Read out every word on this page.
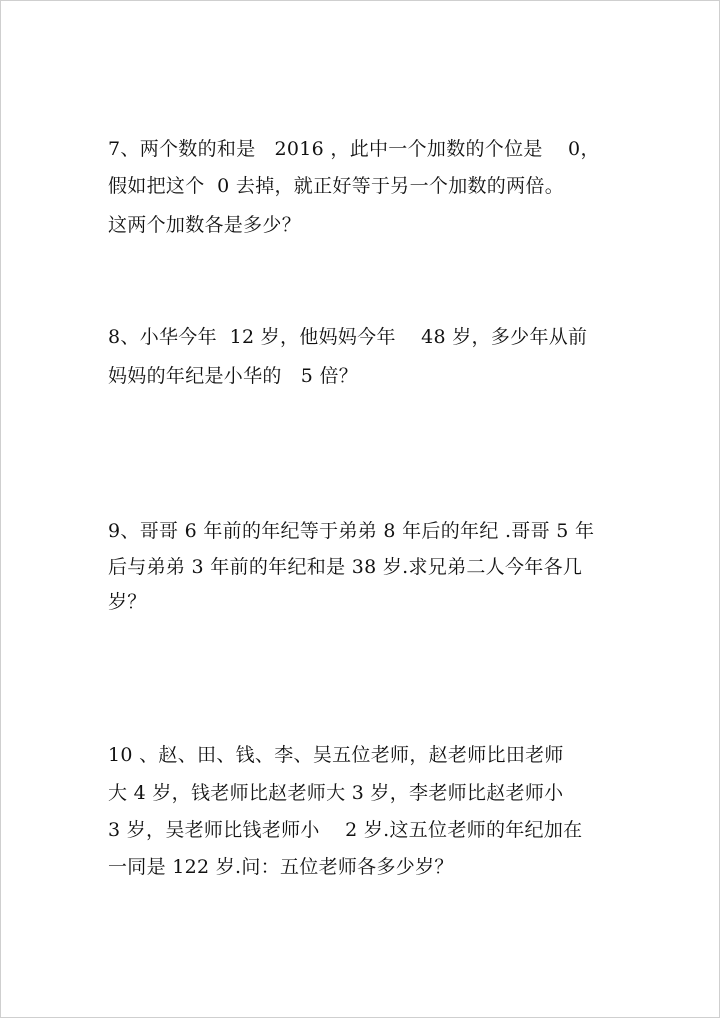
7、两个数的和是   2016 ，此中一个加数的个位是    0，
假如把这个  0 去掉，就正好等于另一个加数的两倍。
这两个加数各是多少？
8、小华今年  12 岁，他妈妈今年    48 岁，多少年从前
妈妈的年纪是小华的   5 倍？
9、哥哥 6 年前的年纪等于弟弟 8 年后的年纪 .哥哥 5 年
后与弟弟 3 年前的年纪和是 38 岁.求兄弟二人今年各几
岁？
10 、赵、田、钱、李、吴五位老师，赵老师比田老师
大 4 岁，钱老师比赵老师大 3 岁，李老师比赵老师小
3 岁，吴老师比钱老师小    2 岁.这五位老师的年纪加在
一同是 122 岁.问：五位老师各多少岁？
